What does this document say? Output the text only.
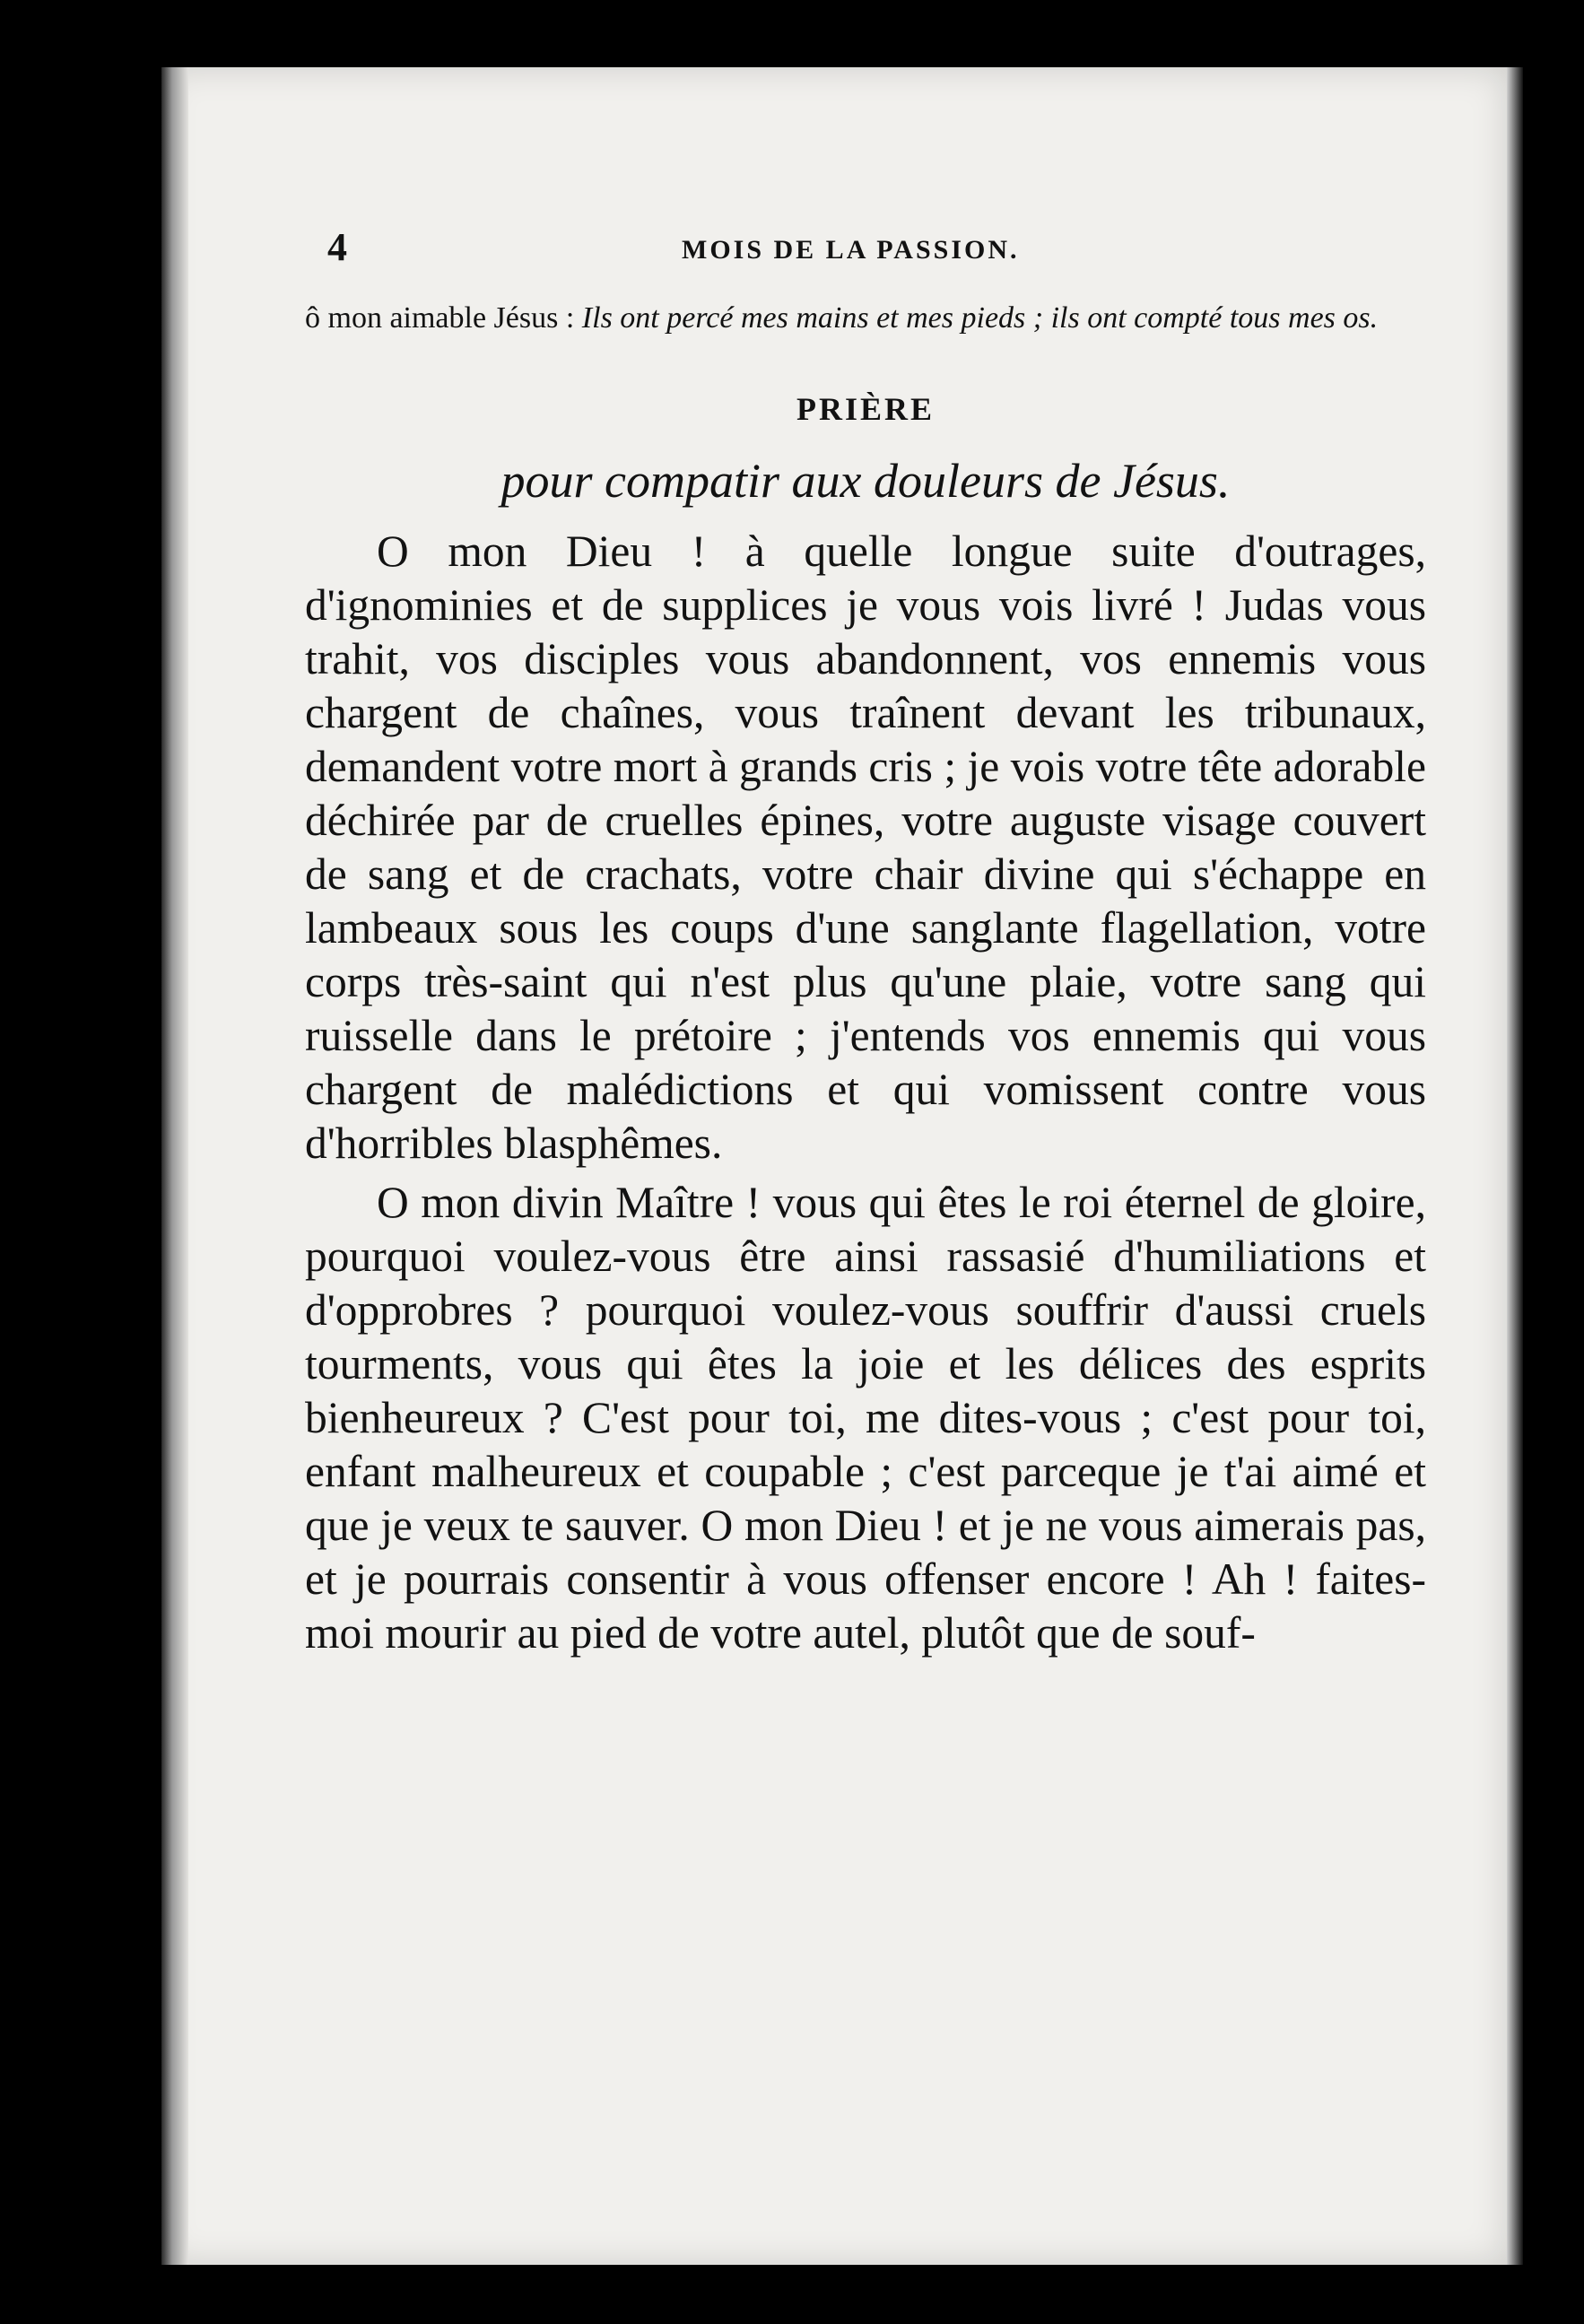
4	MOIS DE LA PASSION.
ô mon aimable Jésus : Ils ont percé mes mains et mes pieds ; ils ont compté tous mes os.
PRIÈRE
pour compatir aux douleurs de Jésus.

O mon Dieu ! à quelle longue suite d'outrages, d'ignominies et de supplices je vous vois livré ! Judas vous trahit, vos disciples vous abandonnent, vos ennemis vous chargent de chaînes, vous traînent devant les tribunaux, demandent votre mort à grands cris ; je vois votre tête adorable déchirée par de cruelles épines, votre auguste visage couvert de sang et de crachats, votre chair divine qui s'échappe en lambeaux sous les coups d'une sanglante flagellation, votre corps très-saint qui n'est plus qu'une plaie, votre sang qui ruisselle dans le prétoire ; j'entends vos ennemis qui vous chargent de malédictions et qui vomissent contre vous d'horribles blasphêmes.

O mon divin Maître ! vous qui êtes le roi éternel de gloire, pourquoi voulez-vous être ainsi rassasié d'humiliations et d'opprobres ? pourquoi voulez-vous souffrir d'aussi cruels tourments, vous qui êtes la joie et les délices des esprits bienheureux ? C'est pour toi, me dites-vous ; c'est pour toi, enfant malheureux et coupable ; c'est parceque je t'ai aimé et que je veux te sauver. O mon Dieu ! et je ne vous aimerais pas, et je pourrais consentir à vous offenser encore ! Ah ! faites-moi mourir au pied de votre autel, plutôt que de souf-
